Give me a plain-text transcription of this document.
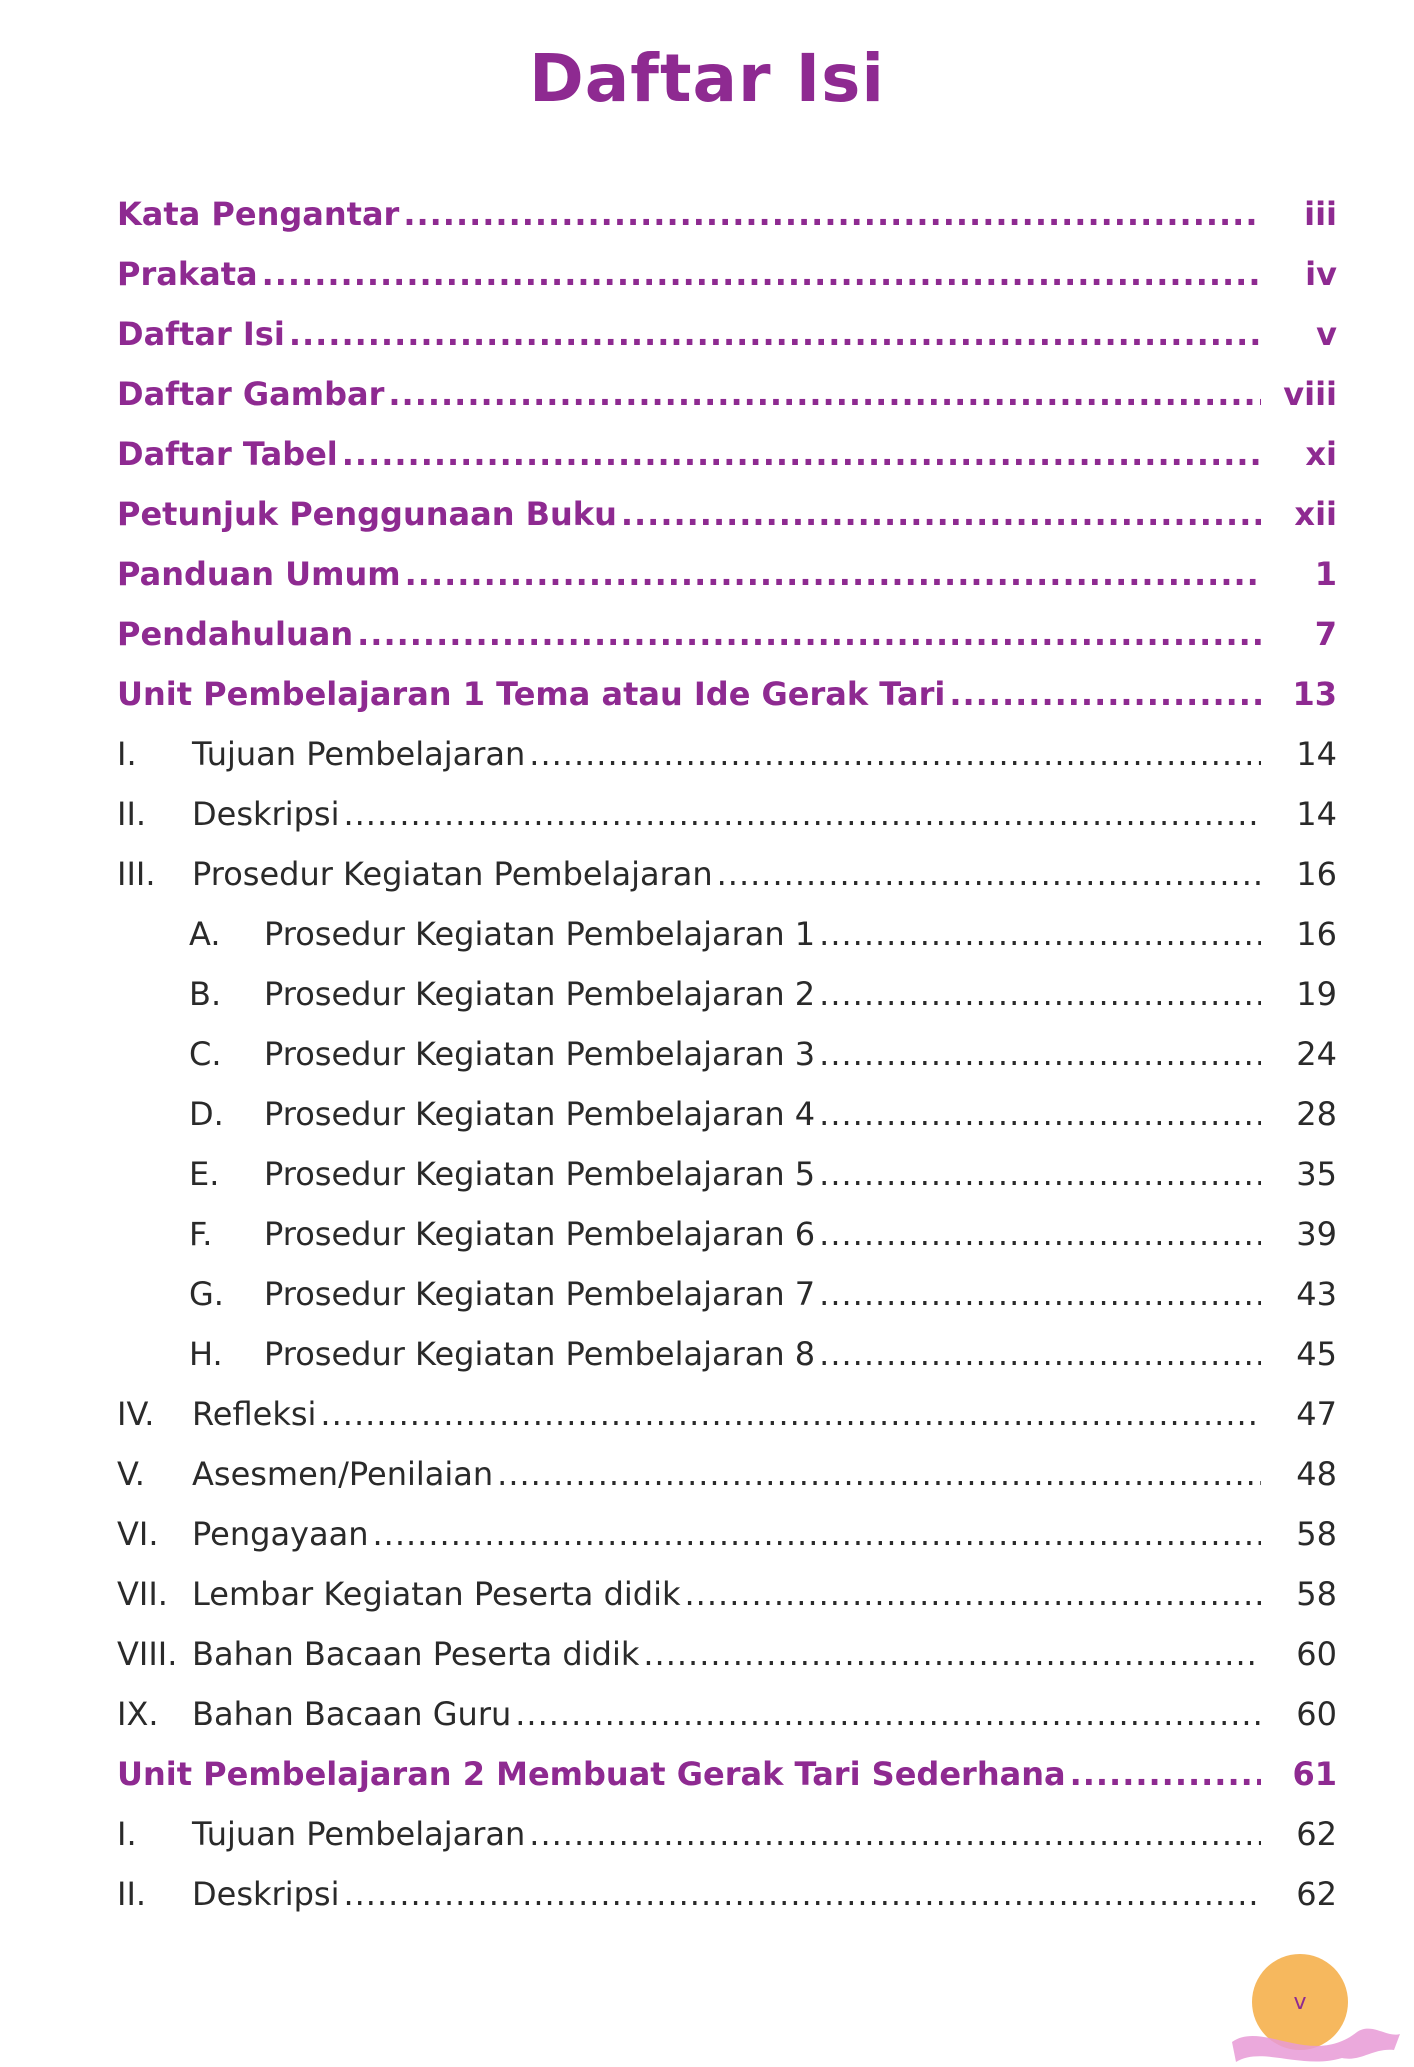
Daftar Isi
Kata Pengantar .....	iii
Prakata .....	iv
Daftar Isi .....	v
Daftar Gambar .....	viii
Daftar Tabel .....	xi
Petunjuk Penggunaan Buku .....	xii
Panduan Umum .....	1
Pendahuluan .....	7
Unit Pembelajaran 1 Tema atau Ide Gerak Tari .....	13
I.	Tujuan Pembelajaran .....	14
II.	Deskripsi .....	14
III.	Prosedur Kegiatan Pembelajaran .....	16
A.	Prosedur Kegiatan Pembelajaran 1 .....	16
B.	Prosedur Kegiatan Pembelajaran 2 .....	19
C.	Prosedur Kegiatan Pembelajaran 3 .....	24
D.	Prosedur Kegiatan Pembelajaran 4 .....	28
E.	Prosedur Kegiatan Pembelajaran 5 .....	35
F.	Prosedur Kegiatan Pembelajaran 6 .....	39
G.	Prosedur Kegiatan Pembelajaran 7 .....	43
H.	Prosedur Kegiatan Pembelajaran 8 .....	45
IV.	Refleksi .....	47
V.	Asesmen/Penilaian .....	48
VI.	Pengayaan .....	58
VII. Lembar Kegiatan Peserta didik .....	58
VIII. Bahan Bacaan Peserta didik .....	60
IX.	Bahan Bacaan Guru .....	60
Unit Pembelajaran 2 Membuat Gerak Tari Sederhana .....	61
I.	Tujuan Pembelajaran .....	62
II.	Deskripsi .....	62
v
